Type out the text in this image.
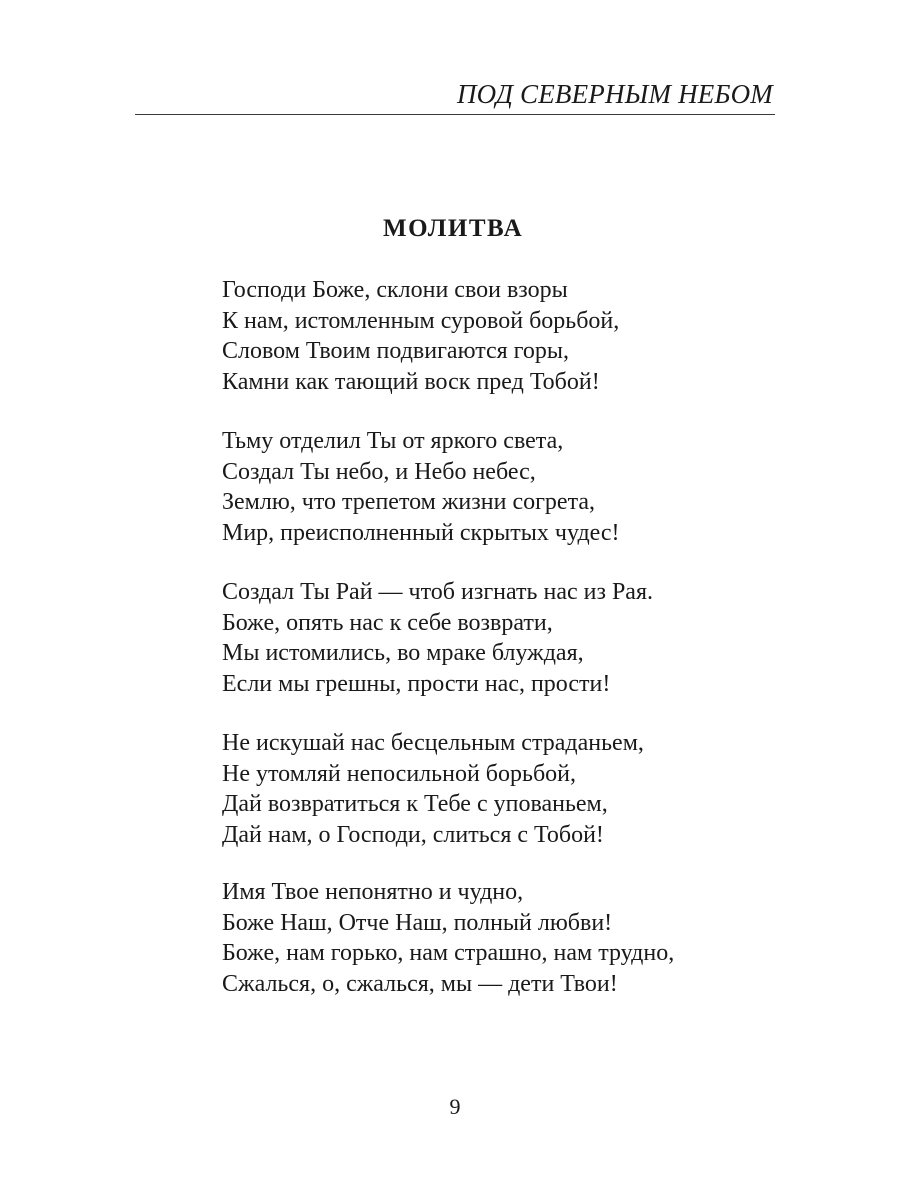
ПОД СЕВЕРНЫМ НЕБОМ
МОЛИТВА
Господи Боже, склони свои взоры
К нам, истомленным суровой борьбой,
Словом Твоим подвигаются горы,
Камни как тающий воск пред Тобой!
Тьму отделил Ты от яркого света,
Создал Ты небо, и Небо небес,
Землю, что трепетом жизни согрета,
Мир, преисполненный скрытых чудес!
Создал Ты Рай — чтоб изгнать нас из Рая.
Боже, опять нас к себе возврати,
Мы истомились, во мраке блуждая,
Если мы грешны, прости нас, прости!
Не искушай нас бесцельным страданьем,
Не утомляй непосильной борьбой,
Дай возвратиться к Тебе с упованьем,
Дай нам, о Господи, слиться с Тобой!
Имя Твое непонятно и чудно,
Боже Наш, Отче Наш, полный любви!
Боже, нам горько, нам страшно, нам трудно,
Сжалься, о, сжалься, мы — дети Твои!
9
